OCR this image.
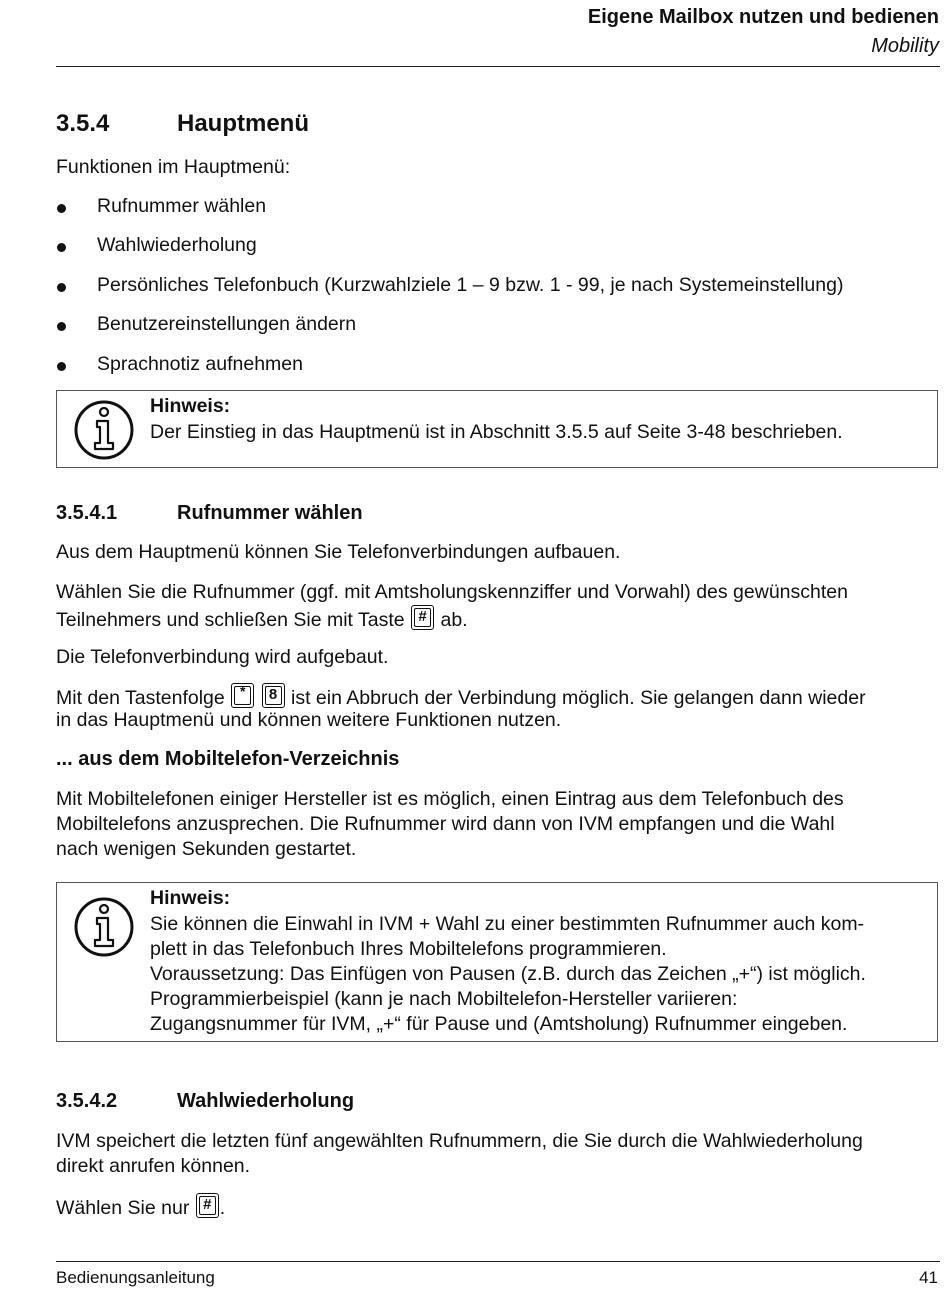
Eigene Mailbox nutzen und bedienen
Mobility
3.5.4	Hauptmenü
Funktionen im Hauptmenü:
Rufnummer wählen
Wahlwiederholung
Persönliches Telefonbuch (Kurzwahlziele 1 – 9 bzw. 1 - 99, je nach Systemeinstellung)
Benutzereinstellungen ändern
Sprachnotiz aufnehmen
Hinweis:
Der Einstieg in das Hauptmenü ist in Abschnitt 3.5.5 auf Seite 3-48 beschrieben.
3.5.4.1	Rufnummer wählen
Aus dem Hauptmenü können Sie Telefonverbindungen aufbauen.
Wählen Sie die Rufnummer (ggf. mit Amtsholungskennziffer und Vorwahl) des gewünschten
Teilnehmers und schließen Sie mit Taste # ab.
Die Telefonverbindung wird aufgebaut.
Mit den Tastenfolge	*
	8 ist ein Abbruch der Verbindung möglich. Sie gelangen dann wieder
in das Hauptmenü und können weitere Funktionen nutzen.
... aus dem Mobiltelefon-Verzeichnis
Mit Mobiltelefonen einiger Hersteller ist es möglich, einen Eintrag aus dem Telefonbuch des
Mobiltelefons anzusprechen. Die Rufnummer wird dann von IVM empfangen und die Wahl
nach wenigen Sekunden gestartet.
Hinweis:
Sie können die Einwahl in IVM + Wahl zu einer bestimmten Rufnummer auch kom-
plett in das Telefonbuch Ihres Mobiltelefons programmieren.
Voraussetzung: Das Einfügen von Pausen (z.B. durch das Zeichen „+“) ist möglich.
Programmierbeispiel (kann je nach Mobiltelefon-Hersteller variieren:
Zugangsnummer für IVM, „+“ für Pause und (Amtsholung) Rufnummer eingeben.
3.5.4.2	Wahlwiederholung
IVM speichert die letzten fünf angewählten Rufnummern, die Sie durch die Wahlwiederholung
direkt anrufen können.
Wählen Sie nur # .
Bedienungsanleitung	41
